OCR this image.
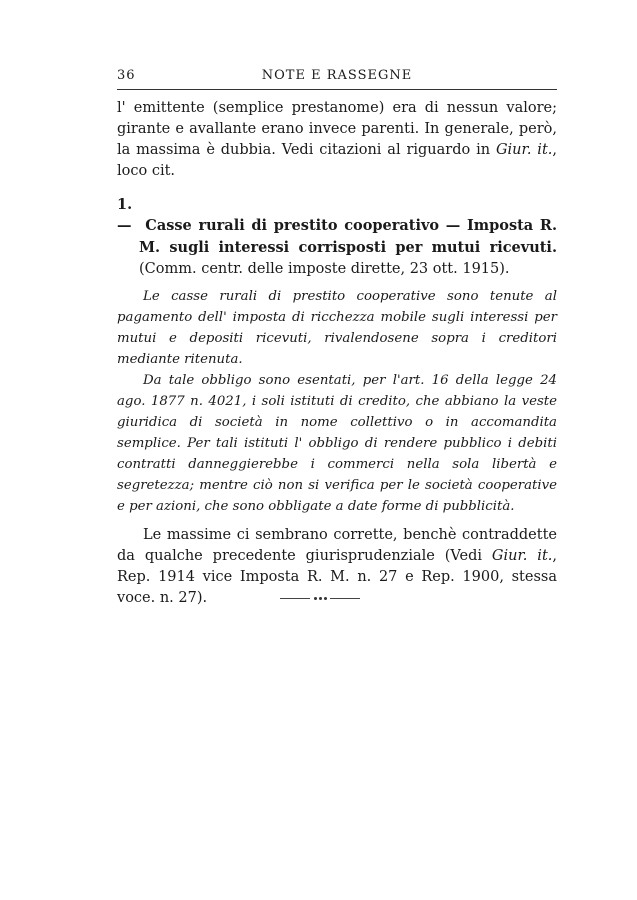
36	NOTE E RASSEGNE

l' emittente (semplice prestanome) era di nessun valore; girante e avallante erano invece parenti. In generale, però, la massima è dubbia. Vedi citazioni al riguardo in Giur. it., loco cit.

1. — Casse rurali di prestito cooperativo — Imposta R. M. sugli interessi corrisposti per mutui ricevuti. (Comm. centr. delle imposte dirette, 23 ott. 1915).

Le casse rurali di prestito cooperative sono tenute al pagamento dell' imposta di ricchezza mobile sugli interessi per mutui e depositi ricevuti, rivalendosene sopra i creditori mediante ritenuta.

Da tale obbligo sono esentati, per l'art. 16 della legge 24 ago. 1877 n. 4021, i soli istituti di credito, che abbiano la veste giuridica di società in nome collettivo o in accomandita semplice. Per tali istituti l' obbligo di rendere pubblico i debiti contratti danneggierebbe i commerci nella sola libertà e segretezza; mentre ciò non si verifica per le società cooperative e per azioni, che sono obbligate a date forme di pubblicità.

Le massime ci sembrano corrette, benchè contraddette da qualche precedente giurisprudenziale (Vedi Giur. it., Rep. 1914 vice Imposta R. M. n. 27 e Rep. 1900, stessa voce. n. 27).
